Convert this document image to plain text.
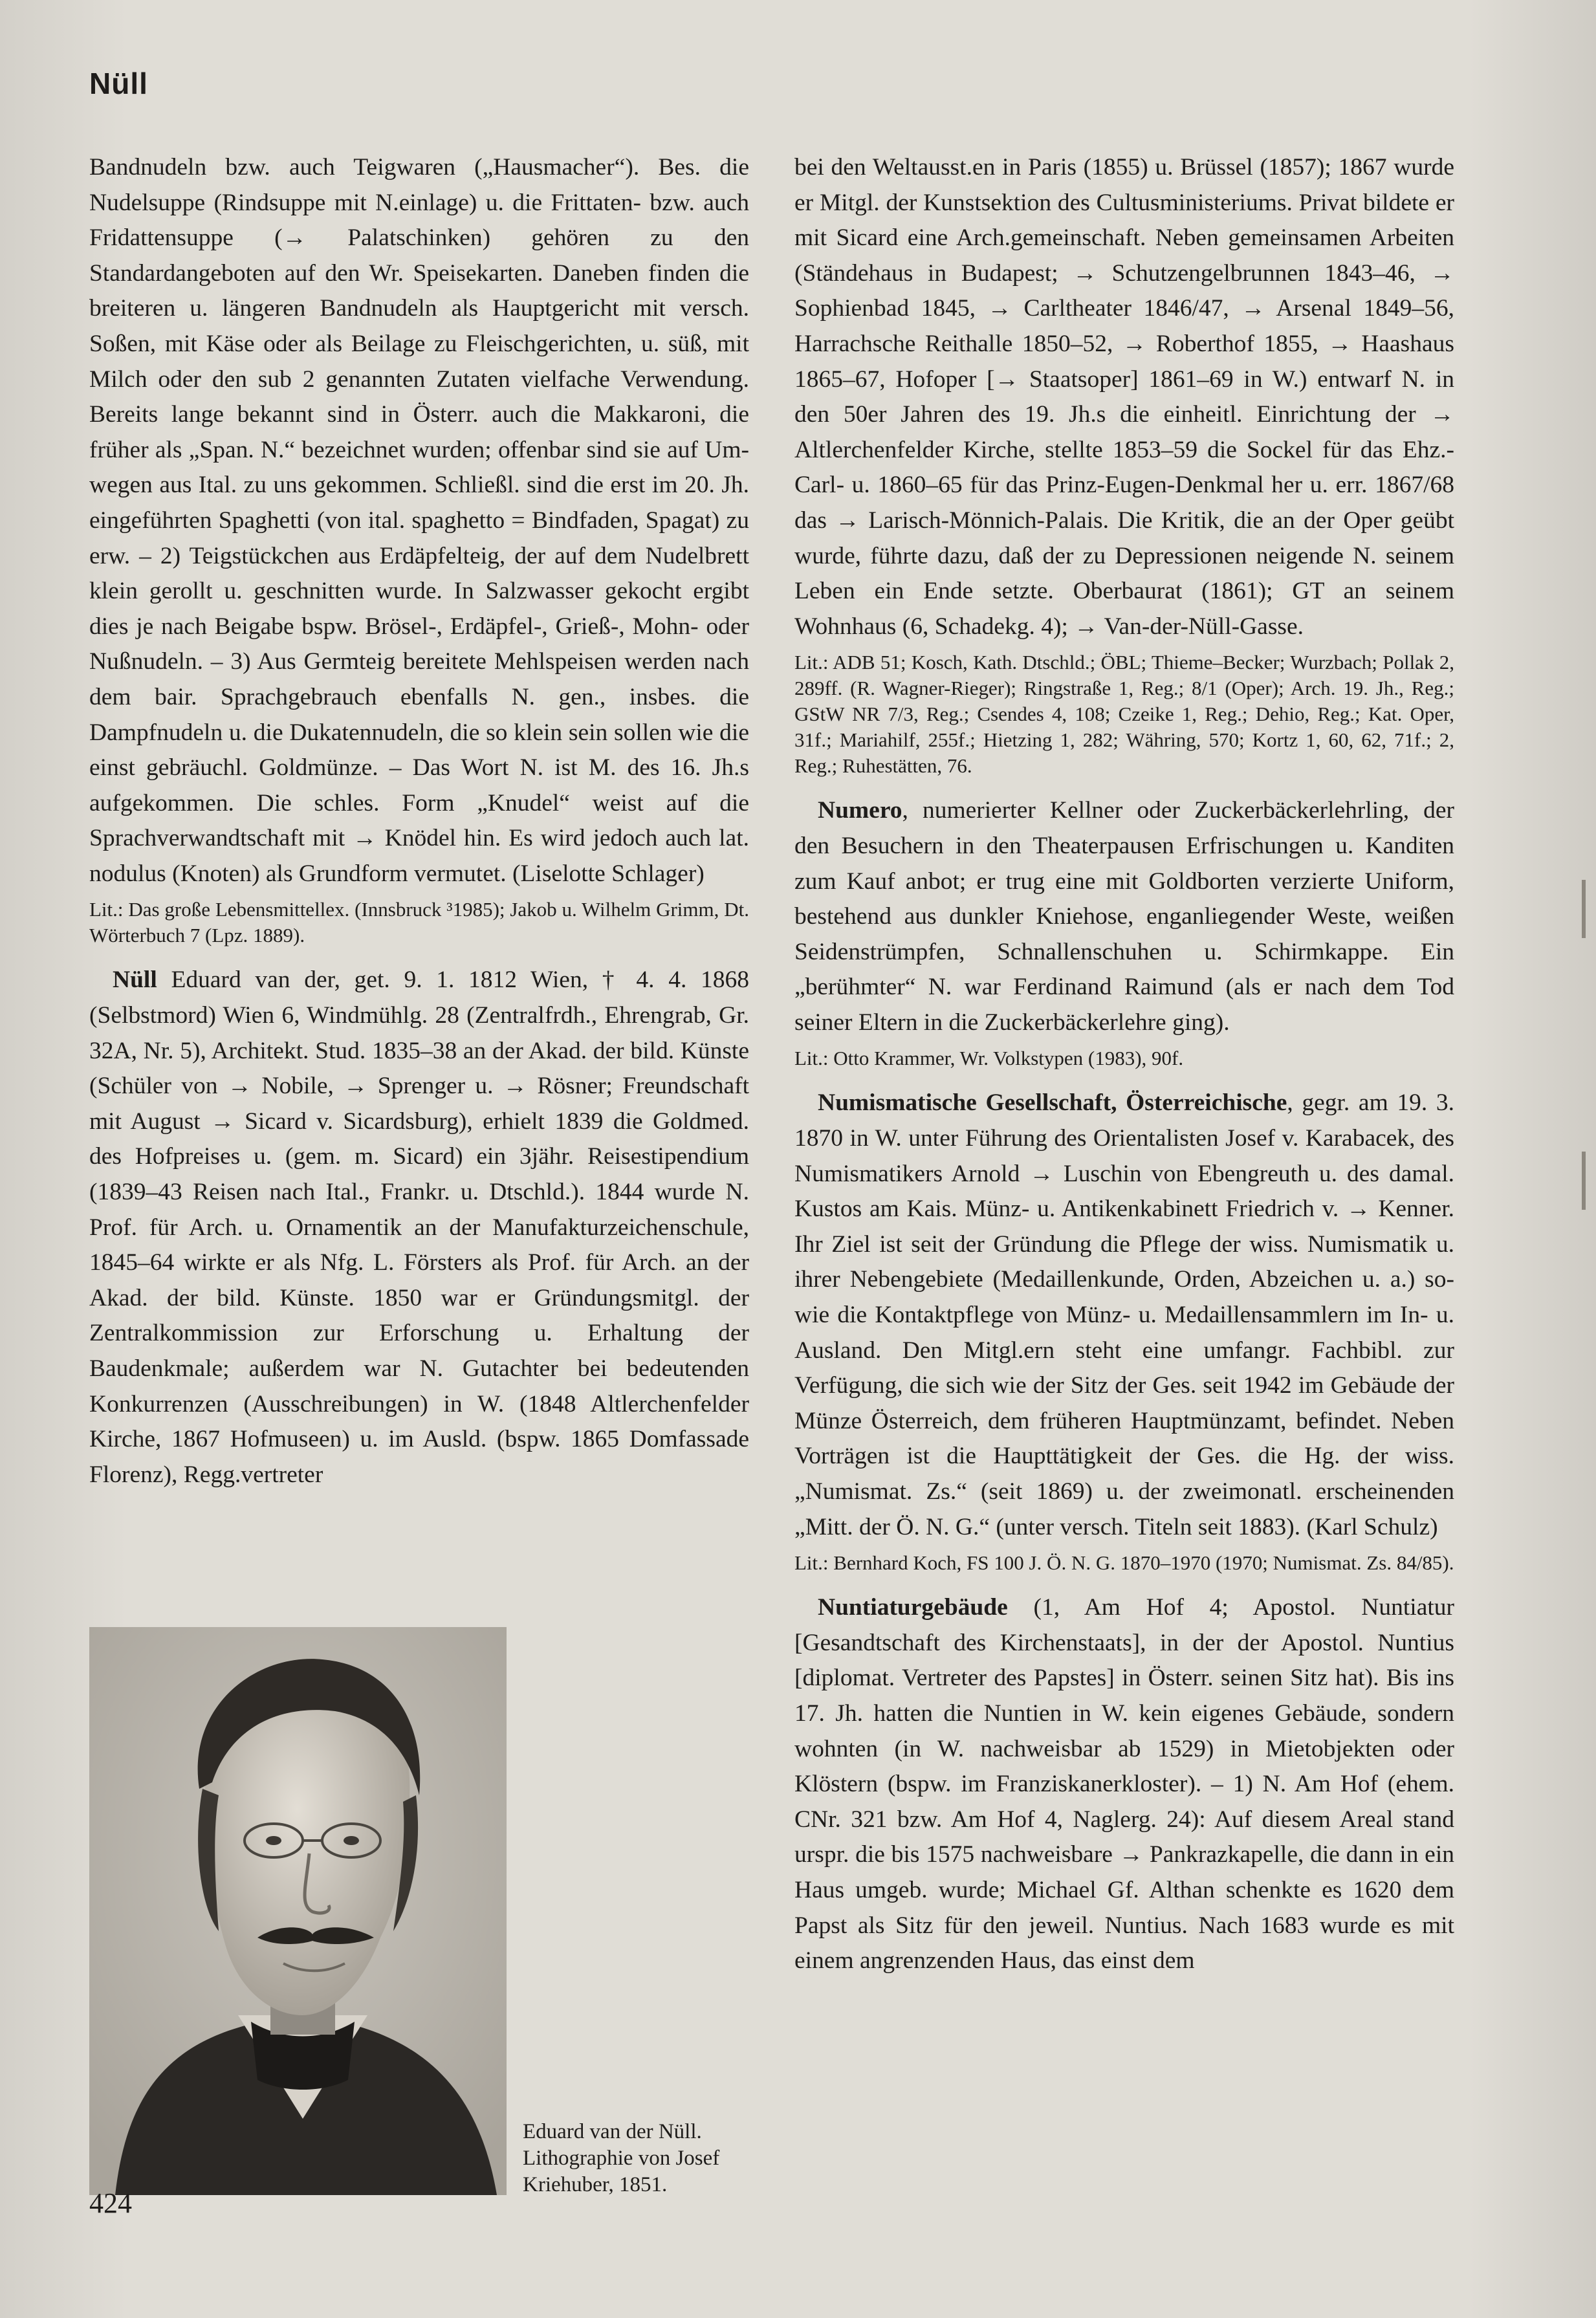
Nüll

Bandnudeln bzw. auch Teigwaren („Hausmacher“). Bes. die Nudelsuppe (Rindsuppe mit N.einlage) u. die Frittaten- bzw. auch Fridattensuppe (→ Palatschinken) gehören zu den Standardangeboten auf den Wr. Speisekarten. Daneben finden die breiteren u. längeren Bandnudeln als Hauptgericht mit versch. Soßen, mit Käse oder als Beilage zu Fleischgerichten, u. süß, mit Milch oder den sub 2 genannten Zutaten vielfache Verwendung. Bereits lange bekannt sind in Österr. auch die Makkaroni, die früher als „Span. N.“ bezeichnet wurden; offenbar sind sie auf Umwegen aus Ital. zu uns gekommen. Schließl. sind die erst im 20. Jh. eingeführten Spaghetti (von ital. spaghetto = Bindfaden, Spagat) zu erw. – 2) Teigstückchen aus Erdäpfelteig, der auf dem Nudelbrett klein gerollt u. geschnitten wurde. In Salzwasser gekocht ergibt dies je nach Beigabe bspw. Brösel-, Erdäpfel-, Grieß-, Mohn- oder Nußnudeln. – 3) Aus Germteig bereitete Mehlspeisen werden nach dem bair. Sprachgebrauch ebenfalls N. gen., insbes. die Dampfnudeln u. die Dukatennudeln, die so klein sein sollen wie die einst gebräuchl. Goldmünze. – Das Wort N. ist M. des 16. Jh.s aufgekommen. Die schles. Form „Knudel“ weist auf die Sprachverwandtschaft mit → Knödel hin. Es wird jedoch auch lat. nodulus (Knoten) als Grundform vermutet. (Liselotte Schlager)

Lit.: Das große Lebensmittellex. (Innsbruck ³1985); Jakob u. Wilhelm Grimm, Dt. Wörterbuch 7 (Lpz. 1889).

Nüll Eduard van der, get. 9. 1. 1812 Wien, † 4. 4. 1868 (Selbstmord) Wien 6, Windmühlg. 28 (Zentralfrdh., Ehrengrab, Gr. 32A, Nr. 5), Architekt. Stud. 1835–38 an der Akad. der bild. Künste (Schüler von → Nobile, → Sprenger u. → Rösner; Freundschaft mit August → Sicard v. Sicardsburg), erhielt 1839 die Goldmed. des Hofpreises u. (gem. m. Sicard) ein 3jähr. Reisestipendium (1839–43 Reisen nach Ital., Frankr. u. Dtschld.). 1844 wurde N. Prof. für Arch. u. Ornamentik an der Manufakturzeichenschule, 1845–64 wirkte er als Nfg. L. Försters als Prof. für Arch. an der Akad. der bild. Künste. 1850 war er Gründungsmitgl. der Zentralkommission zur Erforschung u. Erhaltung der Baudenkmale; außerdem war N. Gutachter bei bedeutenden Konkurrenzen (Ausschreibungen) in W. (1848 Altlerchenfelder Kirche, 1867 Hofmuseen) u. im Ausld. (bspw. 1865 Domfassade Florenz), Regg.vertreter

Eduard van der Nüll. Lithographie von Josef Kriehuber, 1851.

bei den Weltausst.en in Paris (1855) u. Brüssel (1857); 1867 wurde er Mitgl. der Kunstsektion des Cultusministeriums. Privat bildete er mit Sicard eine Arch.gemeinschaft. Neben gemeinsamen Arbeiten (Ständehaus in Budapest; → Schutzengelbrunnen 1843–46, → Sophienbad 1845, → Carltheater 1846/47, → Arsenal 1849–56, Harrachsche Reithalle 1850–52, → Roberthof 1855, → Haashaus 1865–67, Hofoper [→ Staatsoper] 1861–69 in W.) entwarf N. in den 50er Jahren des 19. Jh.s die einheitl. Einrichtung der → Altlerchenfelder Kirche, stellte 1853–59 die Sockel für das Ehz.-Carl- u. 1860–65 für das Prinz-Eugen-Denkmal her u. err. 1867/68 das → Larisch-Mönnich-Palais. Die Kritik, die an der Oper geübt wurde, führte dazu, daß der zu Depressionen neigende N. seinem Leben ein Ende setzte. Oberbaurat (1861); GT an seinem Wohnhaus (6, Schadekg. 4); → Van-der-Nüll-Gasse.

Lit.: ADB 51; Kosch, Kath. Dtschld.; ÖBL; Thieme–Becker; Wurzbach; Pollak 2, 289ff. (R. Wagner-Rieger); Ringstraße 1, Reg.; 8/1 (Oper); Arch. 19. Jh., Reg.; GStW NR 7/3, Reg.; Csendes 4, 108; Czeike 1, Reg.; Dehio, Reg.; Kat. Oper, 31f.; Mariahilf, 255f.; Hietzing 1, 282; Währing, 570; Kortz 1, 60, 62, 71f.; 2, Reg.; Ruhestätten, 76.

Numero, numerierter Kellner oder Zuckerbäckerlehrling, der den Besuchern in den Theaterpausen Erfrischungen u. Kanditen zum Kauf anbot; er trug eine mit Goldborten verzierte Uniform, bestehend aus dunkler Kniehose, enganliegender Weste, weißen Seidenstrümpfen, Schnallenschuhen u. Schirmkappe. Ein „berühmter“ N. war Ferdinand Raimund (als er nach dem Tod seiner Eltern in die Zuckerbäckerlehre ging).

Lit.: Otto Krammer, Wr. Volkstypen (1983), 90f.

Numismatische Gesellschaft, Österreichische, gegr. am 19. 3. 1870 in W. unter Führung des Orientalisten Josef v. Karabacek, des Numismatikers Arnold → Luschin von Ebengreuth u. des damal. Kustos am Kais. Münz- u. Antikenkabinett Friedrich v. → Kenner. Ihr Ziel ist seit der Gründung die Pflege der wiss. Numismatik u. ihrer Nebengebiete (Medaillenkunde, Orden, Abzeichen u. a.) sowie die Kontaktpflege von Münz- u. Medaillensammlern im In- u. Ausland. Den Mitgl.ern steht eine umfangr. Fachbibl. zur Verfügung, die sich wie der Sitz der Ges. seit 1942 im Gebäude der Münze Österreich, dem früheren Hauptmünzamt, befindet. Neben Vorträgen ist die Haupttätigkeit der Ges. die Hg. der wiss. „Numismat. Zs.“ (seit 1869) u. der zweimonatl. erscheinenden „Mitt. der Ö. N. G.“ (unter versch. Titeln seit 1883). (Karl Schulz)

Lit.: Bernhard Koch, FS 100 J. Ö. N. G. 1870–1970 (1970; Numismat. Zs. 84/85).

Nuntiaturgebäude (1, Am Hof 4; Apostol. Nuntiatur [Gesandtschaft des Kirchenstaats], in der der Apostol. Nuntius [diplomat. Vertreter des Papstes] in Österr. seinen Sitz hat). Bis ins 17. Jh. hatten die Nuntien in W. kein eigenes Gebäude, sondern wohnten (in W. nachweisbar ab 1529) in Mietobjekten oder Klöstern (bspw. im Franziskanerkloster). – 1) N. Am Hof (ehem. CNr. 321 bzw. Am Hof 4, Naglerg. 24): Auf diesem Areal stand urspr. die bis 1575 nachweisbare → Pankrazkapelle, die dann in ein Haus umgeb. wurde; Michael Gf. Althan schenkte es 1620 dem Papst als Sitz für den jeweil. Nuntius. Nach 1683 wurde es mit einem angrenzenden Haus, das einst dem

424
